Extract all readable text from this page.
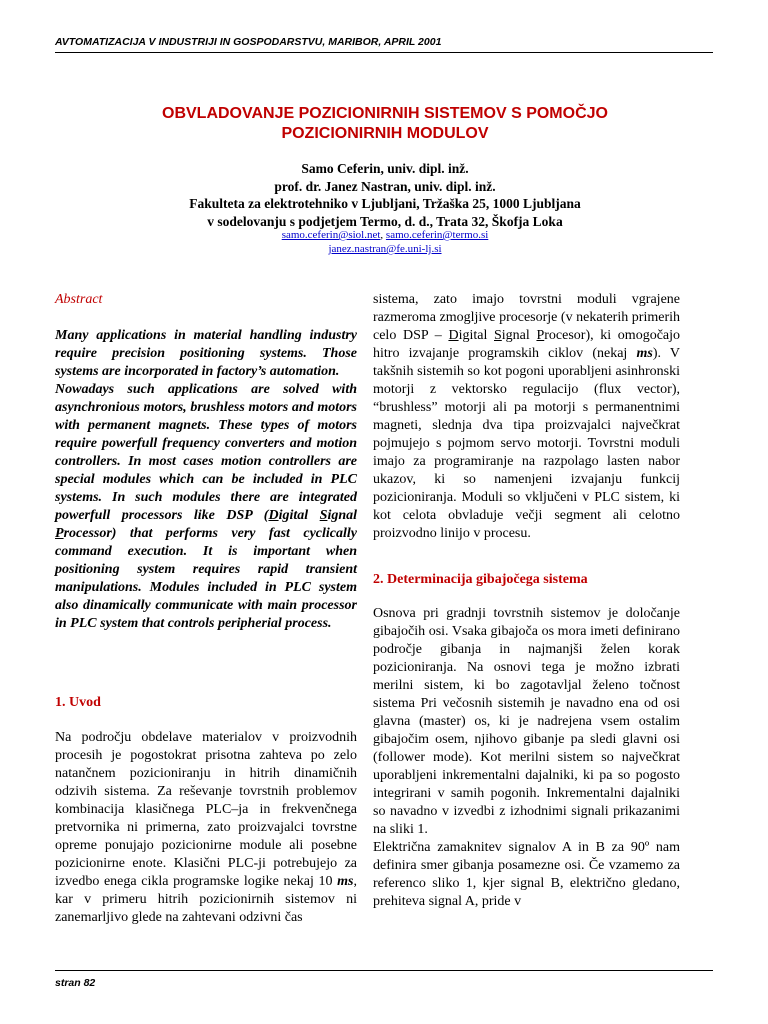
AVTOMATIZACIJA V INDUSTRIJI IN GOSPODARSTVU, MARIBOR, APRIL 2001
OBVLADOVANJE POZICIONIRNIH SISTEMOV S POMOČJO
POZICIONIRNIH MODULOV
Samo Ceferin, univ. dipl. inž.
prof. dr. Janez Nastran, univ. dipl. inž.
Fakulteta za elektrotehniko v Ljubljani, Tržaška 25, 1000 Ljubljana
v sodelovanju s podjetjem Termo, d. d., Trata 32, Škofja Loka
samo.ceferin@siol.net, samo.ceferin@termo.si
janez.nastran@fe.uni-lj.si
Abstract

Many applications in material handling industry require precision positioning systems. Those systems are incorporated in factory’s automation.

Nowadays such applications are solved with asynchronious motors, brushless motors and motors with permanent magnets. These types of motors require powerfull frequency converters and motion controllers. In most cases motion controllers are special modules which can be included in PLC systems. In such modules there are integrated powerfull processors like DSP (Digital Signal Processor) that performs very fast cyclically command execution. It is important when positioning system requires rapid transient manipulations. Modules included in PLC system also dinamically communicate with main processor in PLC system that controls peripherial process.

1. Uvod

Na področju obdelave materialov v proizvodnih procesih je pogostokrat prisotna zahteva po zelo natančnem pozicioniranju in hitrih dinamičnih odzivih sistema. Za reševanje tovrstnih problemov kombinacija klasičnega PLC–ja in frekvenčnega pretvornika ni primerna, zato proizvajalci tovrstne opreme ponujajo pozicionirne module ali posebne pozicionirne enote. Klasični PLC-ji potrebujejo za izvedbo enega cikla programske logike nekaj 10 ms, kar v primeru hitrih pozicionirnih sistemov ni zanemarljivo glede na zahtevani odzivni čas

sistema, zato imajo tovrstni moduli vgrajene razmeroma zmogljive procesorje (v nekaterih primerih celo DSP – Digital Signal Procesor), ki omogočajo hitro izvajanje programskih ciklov (nekaj ms). V takšnih sistemih so kot pogoni uporabljeni asinhronski motorji z vektorsko regulacijo (flux vector), “brushless” motorji ali pa motorji s permanentnimi magneti, slednja dva tipa proizvajalci največkrat pojmujejo s pojmom servo motorji. Tovrstni moduli imajo za programiranje na razpolago lasten nabor ukazov, ki so namenjeni izvajanju funkcij pozicioniranja. Moduli so vključeni v PLC sistem, ki kot celota obvladuje večji segment ali celotno proizvodno linijo v procesu.

2. Determinacija gibajočega sistema

Osnova pri gradnji tovrstnih sistemov je določanje gibajočih osi. Vsaka gibajoča os mora imeti definirano področje gibanja in najmanjši želen korak pozicioniranja. Na osnovi tega je možno izbrati merilni sistem, ki bo zagotavljal želeno točnost sistema Pri večosnih sistemih je navadno ena od osi glavna (master) os, ki je nadrejena vsem ostalim gibajočim osem, njihovo gibanje pa sledi glavni osi (follower mode). Kot merilni sistem so največkrat uporabljeni inkrementalni dajalniki, ki pa so pogosto integrirani v samih pogonih. Inkrementalni dajalniki so navadno v izvedbi z izhodnimi signali prikazanimi na sliki 1.

Električna zamaknitev signalov A in B za 90º nam definira smer gibanja posamezne osi. Če vzamemo za referenco sliko 1, kjer signal B, električno gledano, prehiteva signal A, pride v

stran 82
